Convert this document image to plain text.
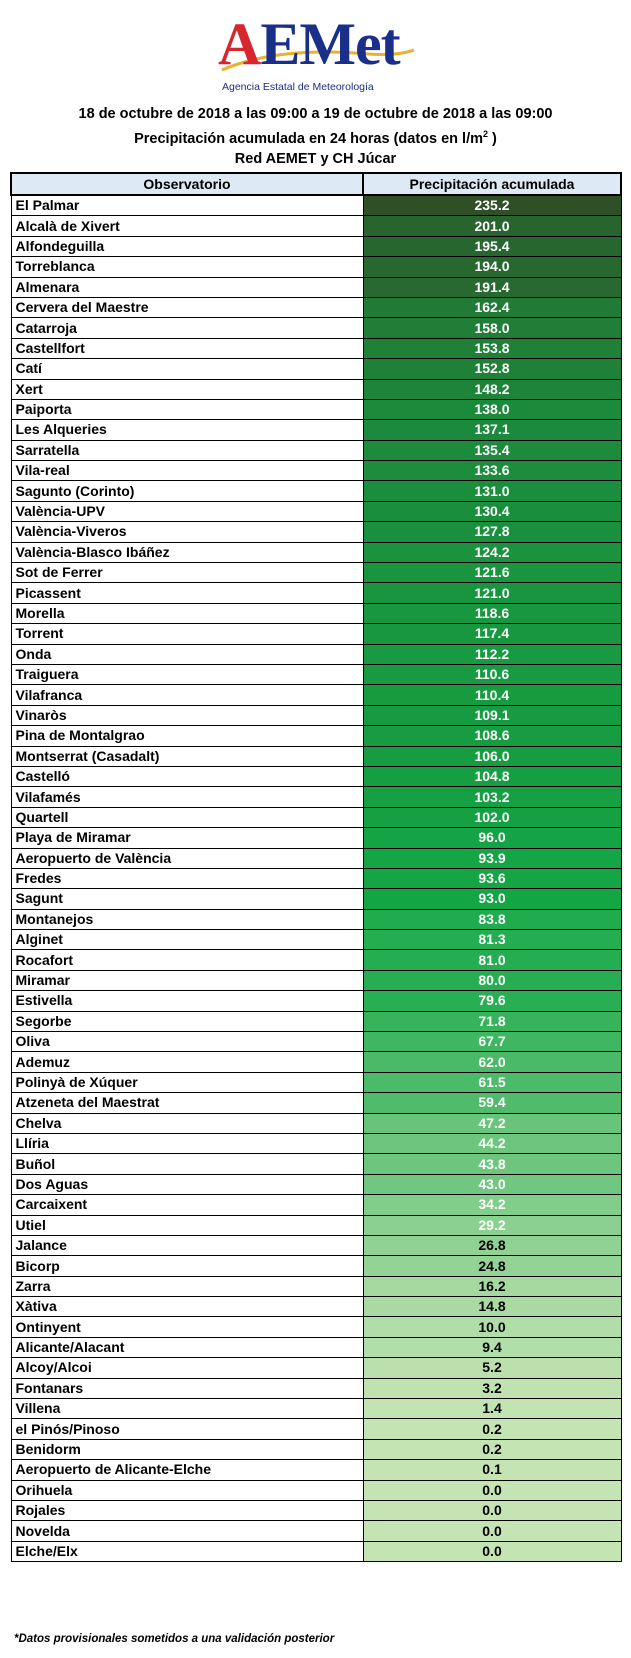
AEMet
Agencia Estatal de Meteorología
18 de octubre de 2018 a las 09:00 a 19 de octubre de 2018 a las 09:00
Precipitación acumulada en 24 horas (datos en $l/m^2$ )
Red AEMET y CH Júcar
Observatorio	Precipitación acumulada
El Palmar	235.2
Alcalà de Xivert	201.0
Alfondeguilla	195.4
Torreblanca	194.0
Almenara	191.4
Cervera del Maestre	162.4
Catarroja	158.0
Castellfort	153.8
Catí	152.8
Xert	148.2
Paiporta	138.0
Les Alqueries	137.1
Sarratella	135.4
Vila-real	133.6
Sagunto (Corinto)	131.0
València-UPV	130.4
València-Viveros	127.8
València-Blasco Ibáñez	124.2
Sot de Ferrer	121.6
Picassent	121.0
Morella	118.6
Torrent	117.4
Onda	112.2
Traiguera	110.6
Vilafranca	110.4
Vinaròs	109.1
Pina de Montalgrao	108.6
Montserrat (Casadalt)	106.0
Castelló	104.8
Vilafamés	103.2
Quartell	102.0
Playa de Miramar	96.0
Aeropuerto de València	93.9
Fredes	93.6
Sagunt	93.0
Montanejos	83.8
Alginet	81.3
Rocafort	81.0
Miramar	80.0
Estivella	79.6
Segorbe	71.8
Oliva	67.7
Ademuz	62.0
Polinyà de Xúquer	61.5
Atzeneta del Maestrat	59.4
Chelva	47.2
Llíria	44.2
Buñol	43.8
Dos Aguas	43.0
Carcaixent	34.2
Utiel	29.2
Jalance	26.8
Bicorp	24.8
Zarra	16.2
Xàtiva	14.8
Ontinyent	10.0
Alicante/Alacant	9.4
Alcoy/Alcoi	5.2
Fontanars	3.2
Villena	1.4
el Pinós/Pinoso	0.2
Benidorm	0.2
Aeropuerto de Alicante-Elche	0.1
Orihuela	0.0
Rojales	0.0
Novelda	0.0
Elche/Elx	0.0
*Datos provisionales sometidos a una validación posterior
